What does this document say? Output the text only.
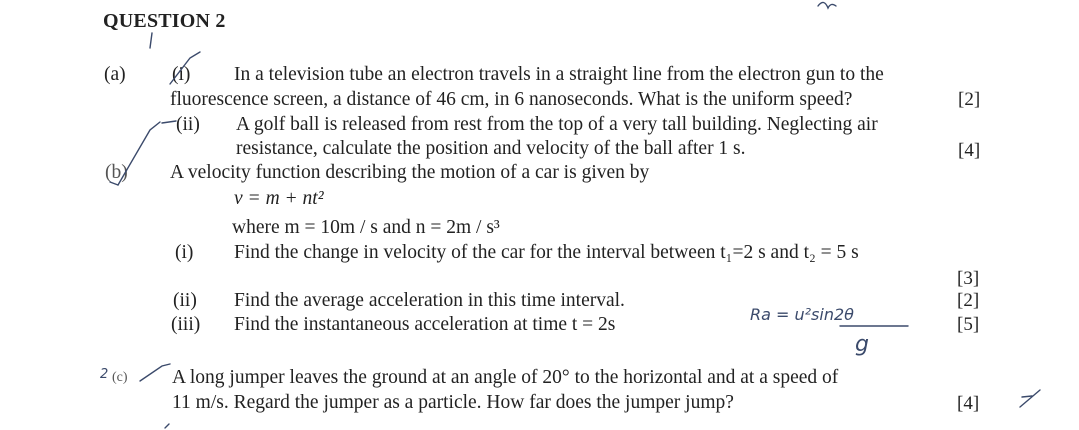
QUESTION 2
(a) (i) In a television tube an electron travels in a straight line from the electron gun to the
fluorescence screen, a distance of 46 cm, in 6 nanoseconds. What is the uniform speed?	[2]
(ii) A golf ball is released from rest from the top of a very tall building. Neglecting air
resistance, calculate the position and velocity of the ball after 1 s.	[4]
(b) A velocity function describing the motion of a car is given by
v = m + nt²
where m = 10m / s and n = 2m / s³
(i) Find the change in velocity of the car for the interval between t₁=2 s and t₂ = 5 s
[3]
(ii) Find the average acceleration in this time interval.	[2]
(iii) Find the instantaneous acceleration at time t = 2s	[5]
(c) A long jumper leaves the ground at an angle of 20° to the horizontal and at a speed of
11 m/s. Regard the jumper as a particle. How far does the jumper jump?	[4]
Ra = u²sin2θ
g
2
